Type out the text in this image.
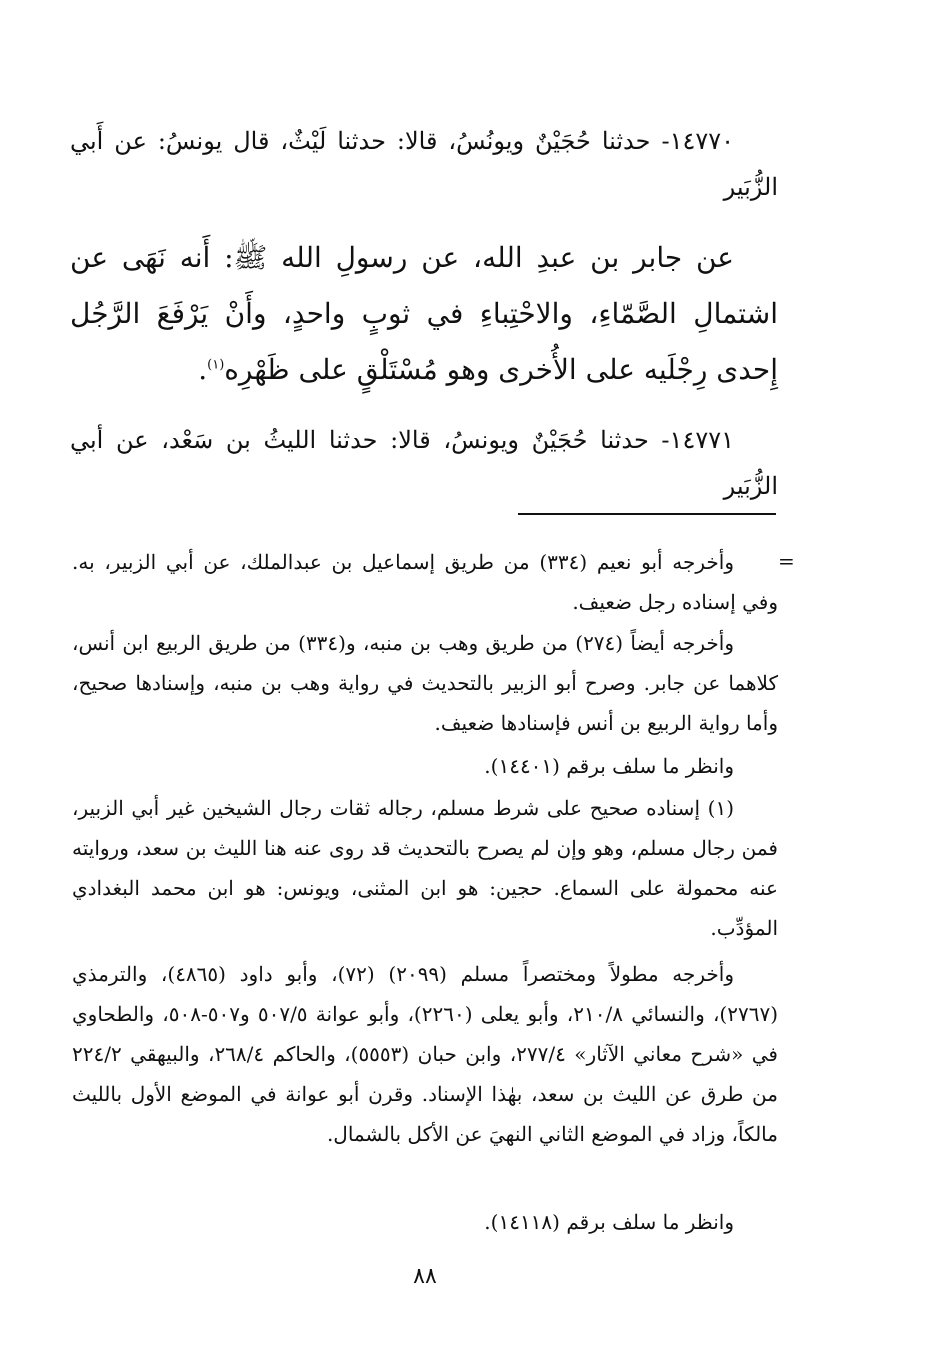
١٤٧٧٠- حدثنا حُجَيْنٌ ويونُسُ، قالا: حدثنا لَيْثٌ، قال يونسُ: عن أَبي الزُّبَير
عن جابر بن عبدِ الله، عن رسولِ الله ﷺ: أَنه نَهَى عن اشتمالِ الصَّمّاءِ، والاحْتِباءِ في ثوبٍ واحدٍ، وأَنْ يَرْفَعَ الرَّجُل إِحدى رِجْلَيه على الأُخرى وهو مُسْتَلْقٍ على ظَهْرِه$^{(١)}$.
١٤٧٧١- حدثنا حُجَيْنٌ ويونسُ، قالا: حدثنا الليثُ بن سَعْد، عن أبي الزُّبَير
=
وأخرجه أبو نعيم (٣٣٤) من طريق إسماعيل بن عبدالملك، عن أبي الزبير، به. وفي إسناده رجل ضعيف.
وأخرجه أيضاً (٢٧٤) من طريق وهب بن منبه، و(٣٣٤) من طريق الربيع ابن أنس، كلاهما عن جابر. وصرح أبو الزبير بالتحديث في رواية وهب بن منبه، وإسنادها صحيح، وأما رواية الربيع بن أنس فإسنادها ضعيف.
وانظر ما سلف برقم (١٤٤٠١).
(١) إسناده صحيح على شرط مسلم، رجاله ثقات رجال الشيخين غير أبي الزبير، فمن رجال مسلم، وهو وإن لم يصرح بالتحديث قد روى عنه هنا الليث بن سعد، وروايته عنه محمولة على السماع. حجين: هو ابن المثنى، ويونس: هو ابن محمد البغدادي المؤدِّب.
وأخرجه مطولاً ومختصراً مسلم (٢٠٩٩) (٧٢)، وأبو داود (٤٨٦٥)، والترمذي (٢٧٦٧)، والنسائي ٢١٠/٨، وأبو يعلى (٢٢٦٠)، وأبو عوانة ٥٠٧/٥ و٥٠٧-٥٠٨، والطحاوي في «شرح معاني الآثار» ٢٧٧/٤، وابن حبان (٥٥٥٣)، والحاكم ٢٦٨/٤، والبيهقي ٢٢٤/٢ من طرق عن الليث بن سعد، بهٰذا الإسناد. وقرن أبو عوانة في الموضع الأول بالليث مالكاً، وزاد في الموضع الثاني النهيَ عن الأكل بالشمال.
وانظر ما سلف برقم (١٤١١٨).
٨٨
